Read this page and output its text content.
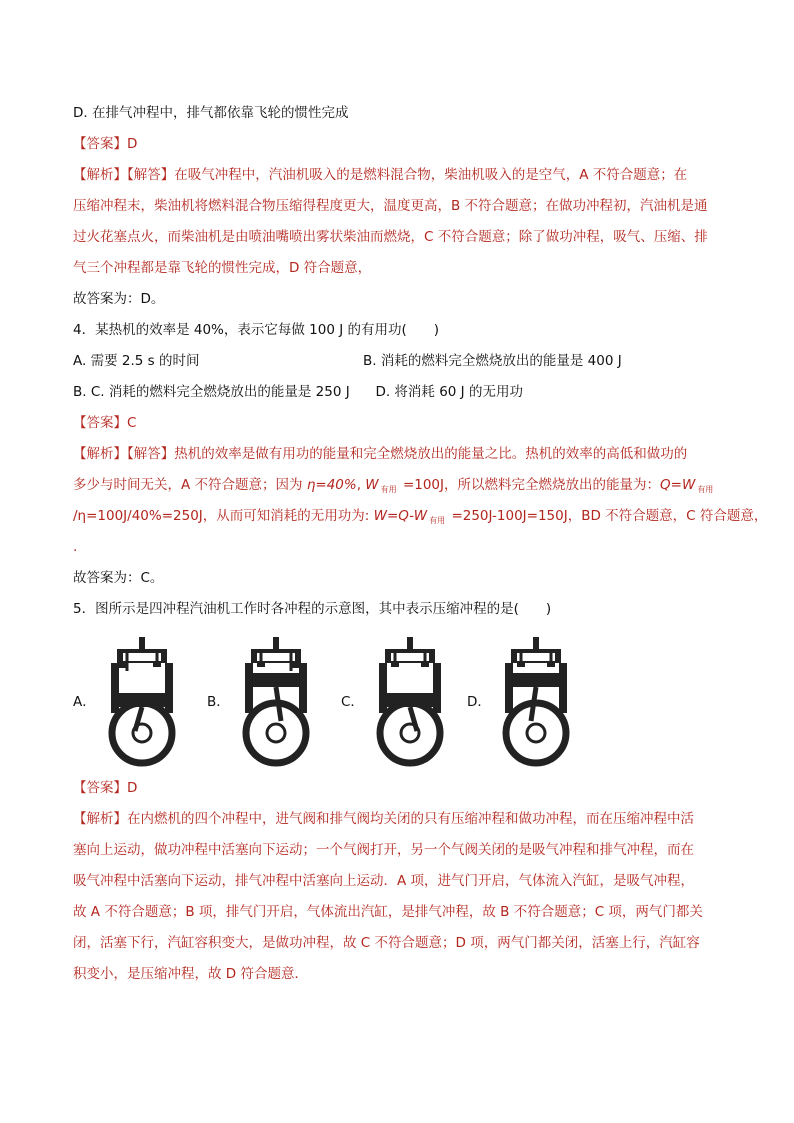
D. 在排气冲程中，排气都依靠飞轮的惯性完成
【答案】D
【解析】【解答】在吸气冲程中，汽油机吸入的是燃料混合物，柴油机吸入的是空气，A 不符合题意；在
压缩冲程末，柴油机将燃料混合物压缩得程度更大，温度更高，B 不符合题意；在做功冲程初，汽油机是通
过火花塞点火，而柴油机是由喷油嘴喷出雾状柴油而燃烧，C 不符合题意；除了做功冲程，吸气、压缩、排
气三个冲程都是靠飞轮的惯性完成，D 符合题意，
故答案为：D。
4．某热机的效率是 40%，表示它每做 100 J 的有用功(　　)
A. 需要 2.5 s 的时间	B. 消耗的燃料完全燃烧放出的能量是 400 J
B. C. 消耗的燃料完全燃烧放出的能量是 250 J D. 将消耗 60 J 的无用功
【答案】C
【解析】【解答】热机的效率是做有用功的能量和完全燃烧放出的能量之比。热机的效率的高低和做功的
多少与时间无关，A 不符合题意；因为 η=40%, W $_{有用}$ =100J，所以燃料完全燃烧放出的能量为：Q=W $_{有用}$
/η=100J/40%=250J，从而可知消耗的无用功为: W=Q-W $_{有用}$ =250J-100J=150J，BD 不符合题意，C 符合题意，
.
故答案为：C。
5．图所示是四冲程汽油机工作时各冲程的示意图，其中表示压缩冲程的是(　　)
A．	B．	C．	D．
【答案】D
【解析】在内燃机的四个冲程中，进气阀和排气阀均关闭的只有压缩冲程和做功冲程，而在压缩冲程中活
塞向上运动，做功冲程中活塞向下运动；一个气阀打开，另一个气阀关闭的是吸气冲程和排气冲程，而在
吸气冲程中活塞向下运动，排气冲程中活塞向上运动．A 项，进气门开启，气体流入汽缸，是吸气冲程，
故 A 不符合题意；B 项，排气门开启，气体流出汽缸，是排气冲程，故 B 不符合题意；C 项，两气门都关
闭，活塞下行，汽缸容积变大，是做功冲程，故 C 不符合题意；D 项，两气门都关闭，活塞上行，汽缸容
积变小，是压缩冲程，故 D 符合题意．
